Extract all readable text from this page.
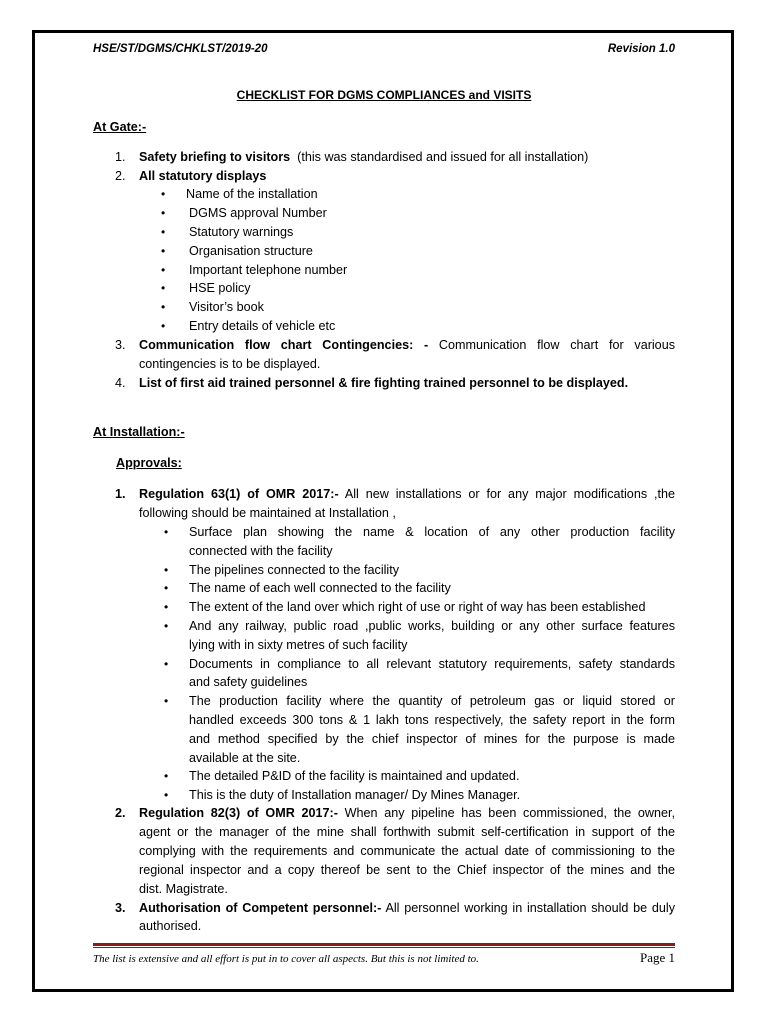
HSE/ST/DGMS/CHKLST/2019-20	Revision 1.0
CHECKLIST FOR DGMS COMPLIANCES and VISITS
At Gate:-
1. Safety briefing to visitors  (this was standardised and issued for all installation)
2. All statutory displays
• Name of the installation
• DGMS approval Number
• Statutory warnings
• Organisation structure
• Important telephone number
• HSE policy
• Visitor’s book
• Entry details of vehicle etc
3. Communication flow chart Contingencies: - Communication flow chart for various
contingencies is to be displayed.
4. List of first aid trained personnel & fire fighting trained personnel to be displayed.
At Installation:-
Approvals:
1. Regulation 63(1) of OMR 2017:- All new installations or for any major modifications ,the
following should be maintained at Installation ,
• Surface plan showing the name & location of any other production facility
connected with the facility
• The pipelines connected to the facility
• The name of each well connected to the facility
• The extent of the land over which right of use or right of way has been established
• And any railway, public road ,public works, building or any other surface features
lying with in sixty metres of such facility
• Documents in compliance to all relevant statutory requirements, safety standards
and safety guidelines
• The production facility where the quantity of petroleum gas or liquid stored or
handled exceeds 300 tons & 1 lakh tons respectively, the safety report in the form
and method specified by the chief inspector of mines for the purpose is made
available at the site.
• The detailed P&ID of the facility is maintained and updated.
• This is the duty of Installation manager/ Dy Mines Manager.
2. Regulation 82(3) of OMR 2017:- When any pipeline has been commissioned, the owner,
agent or the manager of the mine shall forthwith submit self-certification in support of the
complying with the requirements and communicate the actual date of commissioning to the
regional inspector and a copy thereof be sent to the Chief inspector of the mines and the
dist. Magistrate.
3. Authorisation of Competent personnel:- All personnel working in installation should be duly
authorised.
The list is extensive and all effort is put in to cover all aspects. But this is not limited to.	Page 1
